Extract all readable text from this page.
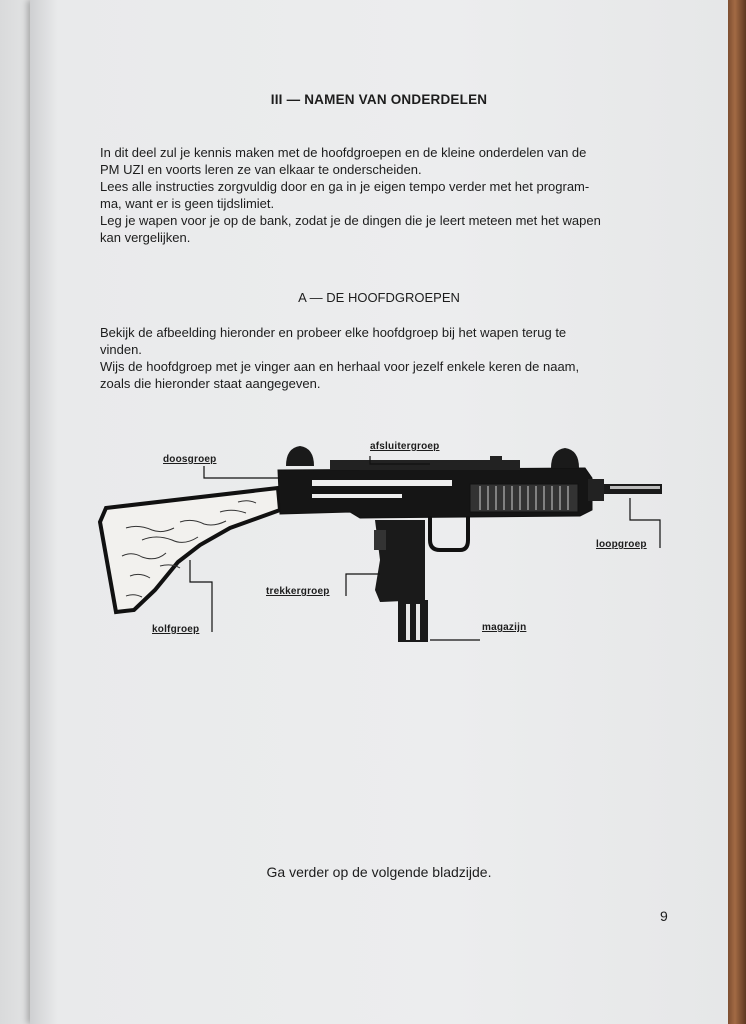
III — NAMEN VAN ONDERDELEN
In dit deel zul je kennis maken met de hoofdgroepen en de kleine onderdelen van de
PM UZI en voorts leren ze van elkaar te onderscheiden.
Lees alle instructies zorgvuldig door en ga in je eigen tempo verder met het program-
ma, want er is geen tijdslimiet.
Leg je wapen voor je op de bank, zodat je de dingen die je leert meteen met het wapen
kan vergelijken.
A — DE HOOFDGROEPEN
Bekijk de afbeelding hieronder en probeer elke hoofdgroep bij het wapen terug te
vinden.
Wijs de hoofdgroep met je vinger aan en herhaal voor jezelf enkele keren de naam,
zoals die hieronder staat aangegeven.
doosgroep
afsluitergroep
loopgroep
trekkergroep
kolfgroep	magazijn
Ga verder op de volgende bladzijde.
9
